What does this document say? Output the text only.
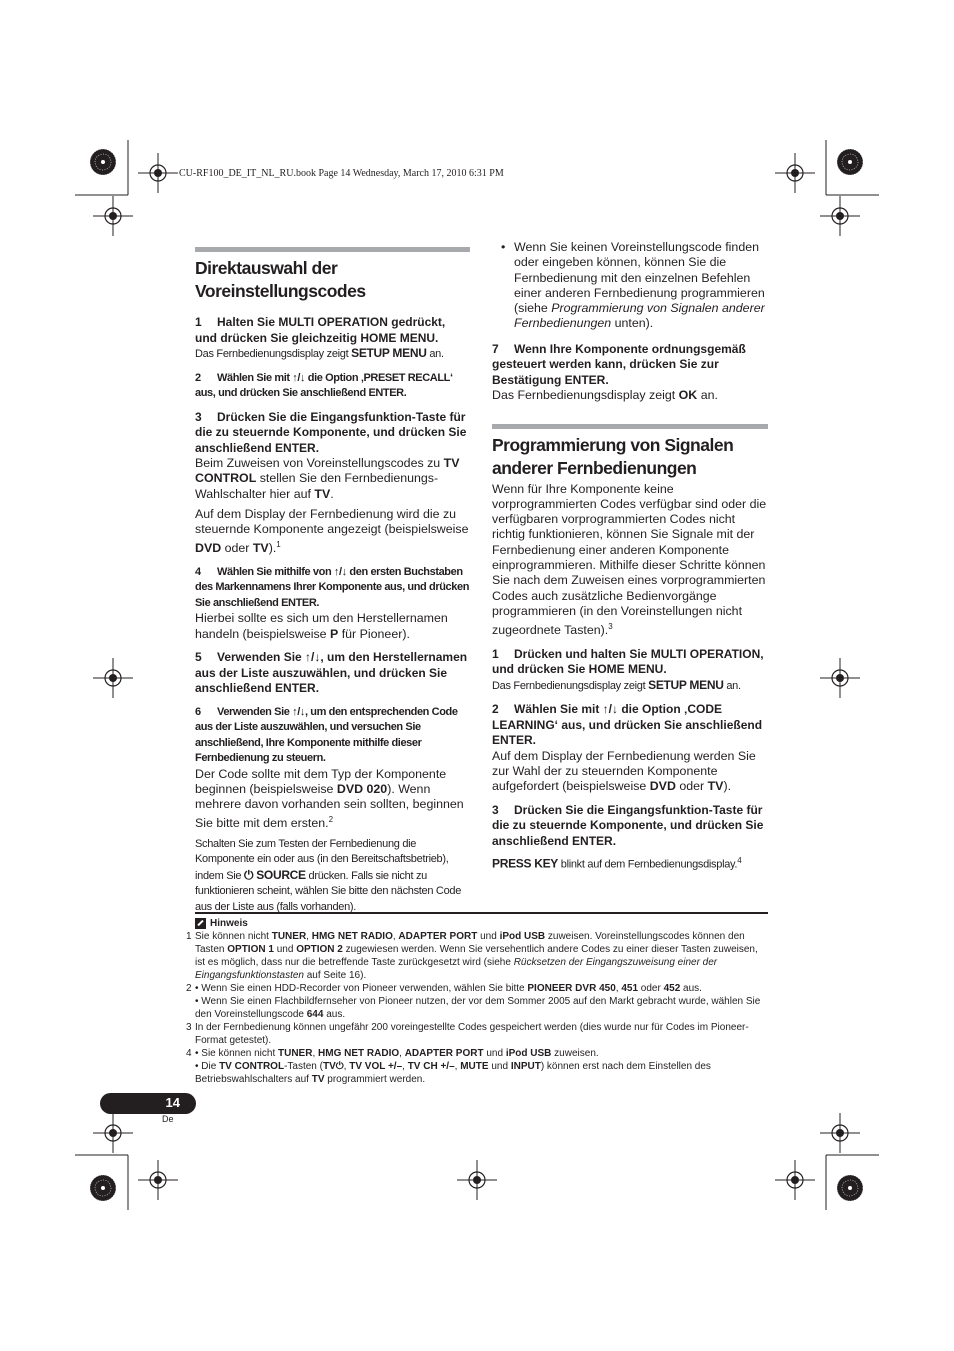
CU-RF100_DE_IT_NL_RU.book Page 14 Wednesday, March 17, 2010 6:31 PM
Direktauswahl der
Voreinstellungscodes
1 Halten Sie MULTI OPERATION gedrückt, und drücken Sie gleichzeitig HOME MENU.
Das Fernbedienungsdisplay zeigt SETUP MENU an.
2 Wählen Sie mit ↑/↓ die Option ‚PRESET RECALL‘ aus, und drücken Sie anschließend ENTER.
3 Drücken Sie die Eingangsfunktion-Taste für die zu steuernde Komponente, und drücken Sie anschließend ENTER.
Beim Zuweisen von Voreinstellungscodes zu TV CONTROL stellen Sie den Fernbedienungs-Wahlschalter hier auf TV.
Auf dem Display der Fernbedienung wird die zu steuernde Komponente angezeigt (beispielsweise DVD oder TV).$^1$
4 Wählen Sie mithilfe von ↑/↓ den ersten Buchstaben des Markennamens Ihrer Komponente aus, und drücken Sie anschließend ENTER.
Hierbei sollte es sich um den Herstellernamen handeln (beispielsweise P für Pioneer).
5 Verwenden Sie ↑/↓, um den Herstellernamen aus der Liste auszuwählen, und drücken Sie anschließend ENTER.
6 Verwenden Sie ↑/↓, um den entsprechenden Code aus der Liste auszuwählen, und versuchen Sie anschließend, Ihre Komponente mithilfe dieser Fernbedienung zu steuern.
Der Code sollte mit dem Typ der Komponente beginnen (beispielsweise DVD 020). Wenn mehrere davon vorhanden sein sollten, beginnen Sie bitte mit dem ersten.$^2$
Schalten Sie zum Testen der Fernbedienung die Komponente ein oder aus (in den Bereitschaftsbetrieb), indem Sie ⏻ SOURCE drücken. Falls sie nicht zu funktionieren scheint, wählen Sie bitte den nächsten Code aus der Liste aus (falls vorhanden).
• Wenn Sie keinen Voreinstellungscode finden oder eingeben können, können Sie die Fernbedienung mit den einzelnen Befehlen einer anderen Fernbedienung programmieren (siehe Programmierung von Signalen anderer Fernbedienungen unten).
7 Wenn Ihre Komponente ordnungsgemäß gesteuert werden kann, drücken Sie zur Bestätigung ENTER.
Das Fernbedienungsdisplay zeigt OK an.
Programmierung von Signalen
anderer Fernbedienungen
Wenn für Ihre Komponente keine vorprogrammierten Codes verfügbar sind oder die verfügbaren vorprogrammierten Codes nicht richtig funktionieren, können Sie Signale mit der Fernbedienung einer anderen Komponente einprogrammieren. Mithilfe dieser Schritte können Sie nach dem Zuweisen eines vorprogrammierten Codes auch zusätzliche Bedienvorgänge programmieren (in den Voreinstellungen nicht zugeordnete Tasten).$^3$
1 Drücken und halten Sie MULTI OPERATION, und drücken Sie HOME MENU.
Das Fernbedienungsdisplay zeigt SETUP MENU an.
2 Wählen Sie mit ↑/↓ die Option ‚CODE LEARNING‘ aus, und drücken Sie anschließend ENTER.
Auf dem Display der Fernbedienung werden Sie zur Wahl der zu steuernden Komponente aufgefordert (beispielsweise DVD oder TV).
3 Drücken Sie die Eingangsfunktion-Taste für die zu steuernde Komponente, und drücken Sie anschließend ENTER.
PRESS KEY blinkt auf dem Fernbedienungsdisplay.$^4$
Hinweis
1 Sie können nicht TUNER, HMG NET RADIO, ADAPTER PORT und iPod USB zuweisen. Voreinstellungscodes können den Tasten OPTION 1 und OPTION 2 zugewiesen werden. Wenn Sie versehentlich andere Codes zu einer dieser Tasten zuweisen, ist es möglich, dass nur die betreffende Taste zurückgesetzt wird (siehe Rücksetzen der Eingangszuweisung einer der Eingangsfunktionstasten auf Seite 16).
2 • Wenn Sie einen HDD-Recorder von Pioneer verwenden, wählen Sie bitte PIONEER DVR 450, 451 oder 452 aus.
• Wenn Sie einen Flachbildfernseher von Pioneer nutzen, der vor dem Sommer 2005 auf den Markt gebracht wurde, wählen Sie den Voreinstellungscode 644 aus.
3 In der Fernbedienung können ungefähr 200 voreingestellte Codes gespeichert werden (dies wurde nur für Codes im Pioneer-Format getestet).
4 • Sie können nicht TUNER, HMG NET RADIO, ADAPTER PORT und iPod USB zuweisen.
• Die TV CONTROL-Tasten (TV⏻, TV VOL +/–, TV CH +/–, MUTE und INPUT) können erst nach dem Einstellen des Betriebswahlschalters auf TV programmiert werden.
14
De
